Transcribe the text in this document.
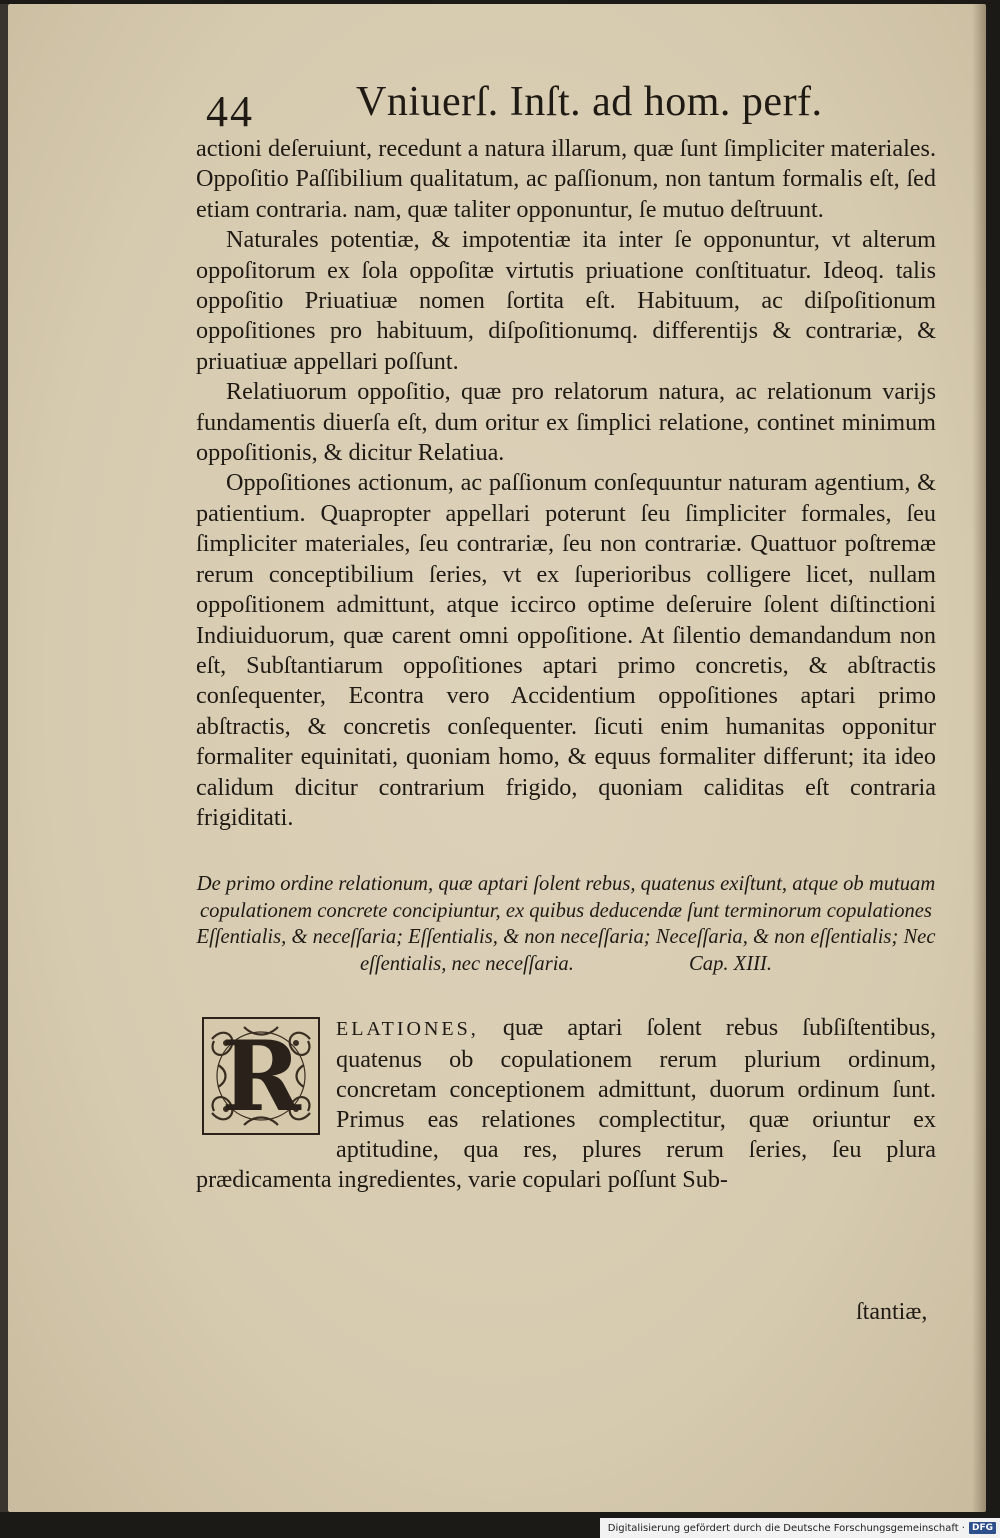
44 Vniuerſ. Inſt. ad hom. perf.

actioni deſeruiunt, recedunt a natura illarum, quæ ſunt ſimpliciter materiales. Oppoſitio Paſſibilium qualitatum, ac paſſionum, non tantum formalis eſt, ſed etiam contraria. nam, quæ taliter opponuntur, ſe mutuo deſtruunt.

Naturales potentiæ, & impotentiæ ita inter ſe opponuntur, vt alterum oppoſitorum ex ſola oppoſitæ virtutis priuatione conſtituatur. Ideoq. talis oppoſitio Priuatiuæ nomen ſortita eſt. Habituum, ac diſpoſitionum oppoſitiones pro habituum, diſpoſitionumq. differentijs & contrariæ, & priuatiuæ appellari poſſunt.

Relatiuorum oppoſitio, quæ pro relatorum natura, ac relationum varijs fundamentis diuerſa eſt, dum oritur ex ſimplici relatione, continet minimum oppoſitionis, & dicitur Relatiua.

Oppoſitiones actionum, ac paſſionum conſequuntur naturam agentium, & patientium. Quapropter appellari poterunt ſeu ſimpliciter formales, ſeu ſimpliciter materiales, ſeu contrariæ, ſeu non contrariæ. Quattuor poſtremæ rerum conceptibilium ſeries, vt ex ſuperioribus colligere licet, nullam oppoſitionem admittunt, atque iccirco optime deſeruire ſolent diſtinctioni Indiuiduorum, quæ carent omni oppoſitione. At ſilentio demandandum non eſt, Subſtantiarum oppoſitiones aptari primo concretis, & abſtractis conſequenter, Econtra vero Accidentium oppoſitiones aptari primo abſtractis, & concretis conſequenter. ſicuti enim humanitas opponitur formaliter equinitati, quoniam homo, & equus formaliter differunt; ita ideo calidum dicitur contrarium frigido, quoniam caliditas eſt contraria frigiditati.

De primo ordine relationum, quæ aptari ſolent rebus, quatenus exiſtunt, atque ob mutuam copulationem concrete concipiuntur, ex quibus deducendæ ſunt terminorum copulationes Eſſentialis, & neceſſaria; Eſſentialis, & non neceſſaria; Neceſſaria, & non eſſentialis; Nec eſſentialis, nec neceſſaria.	Cap. XIII.

R	ELATIONES, quæ aptari ſolent rebus ſubſiſtentibus, quatenus ob copulationem rerum plurium ordinum, concretam conceptionem admittunt, duorum ordinum ſunt. Primus eas relationes complectitur, quæ oriuntur ex aptitudine, qua res, plures rerum ſeries, ſeu plura prædicamenta ingredientes, varie copulari poſſunt Sub-

ſtantiæ,
Digitalisierung gefördert durch die Deutsche Forschungsgemeinschaft · DFG
